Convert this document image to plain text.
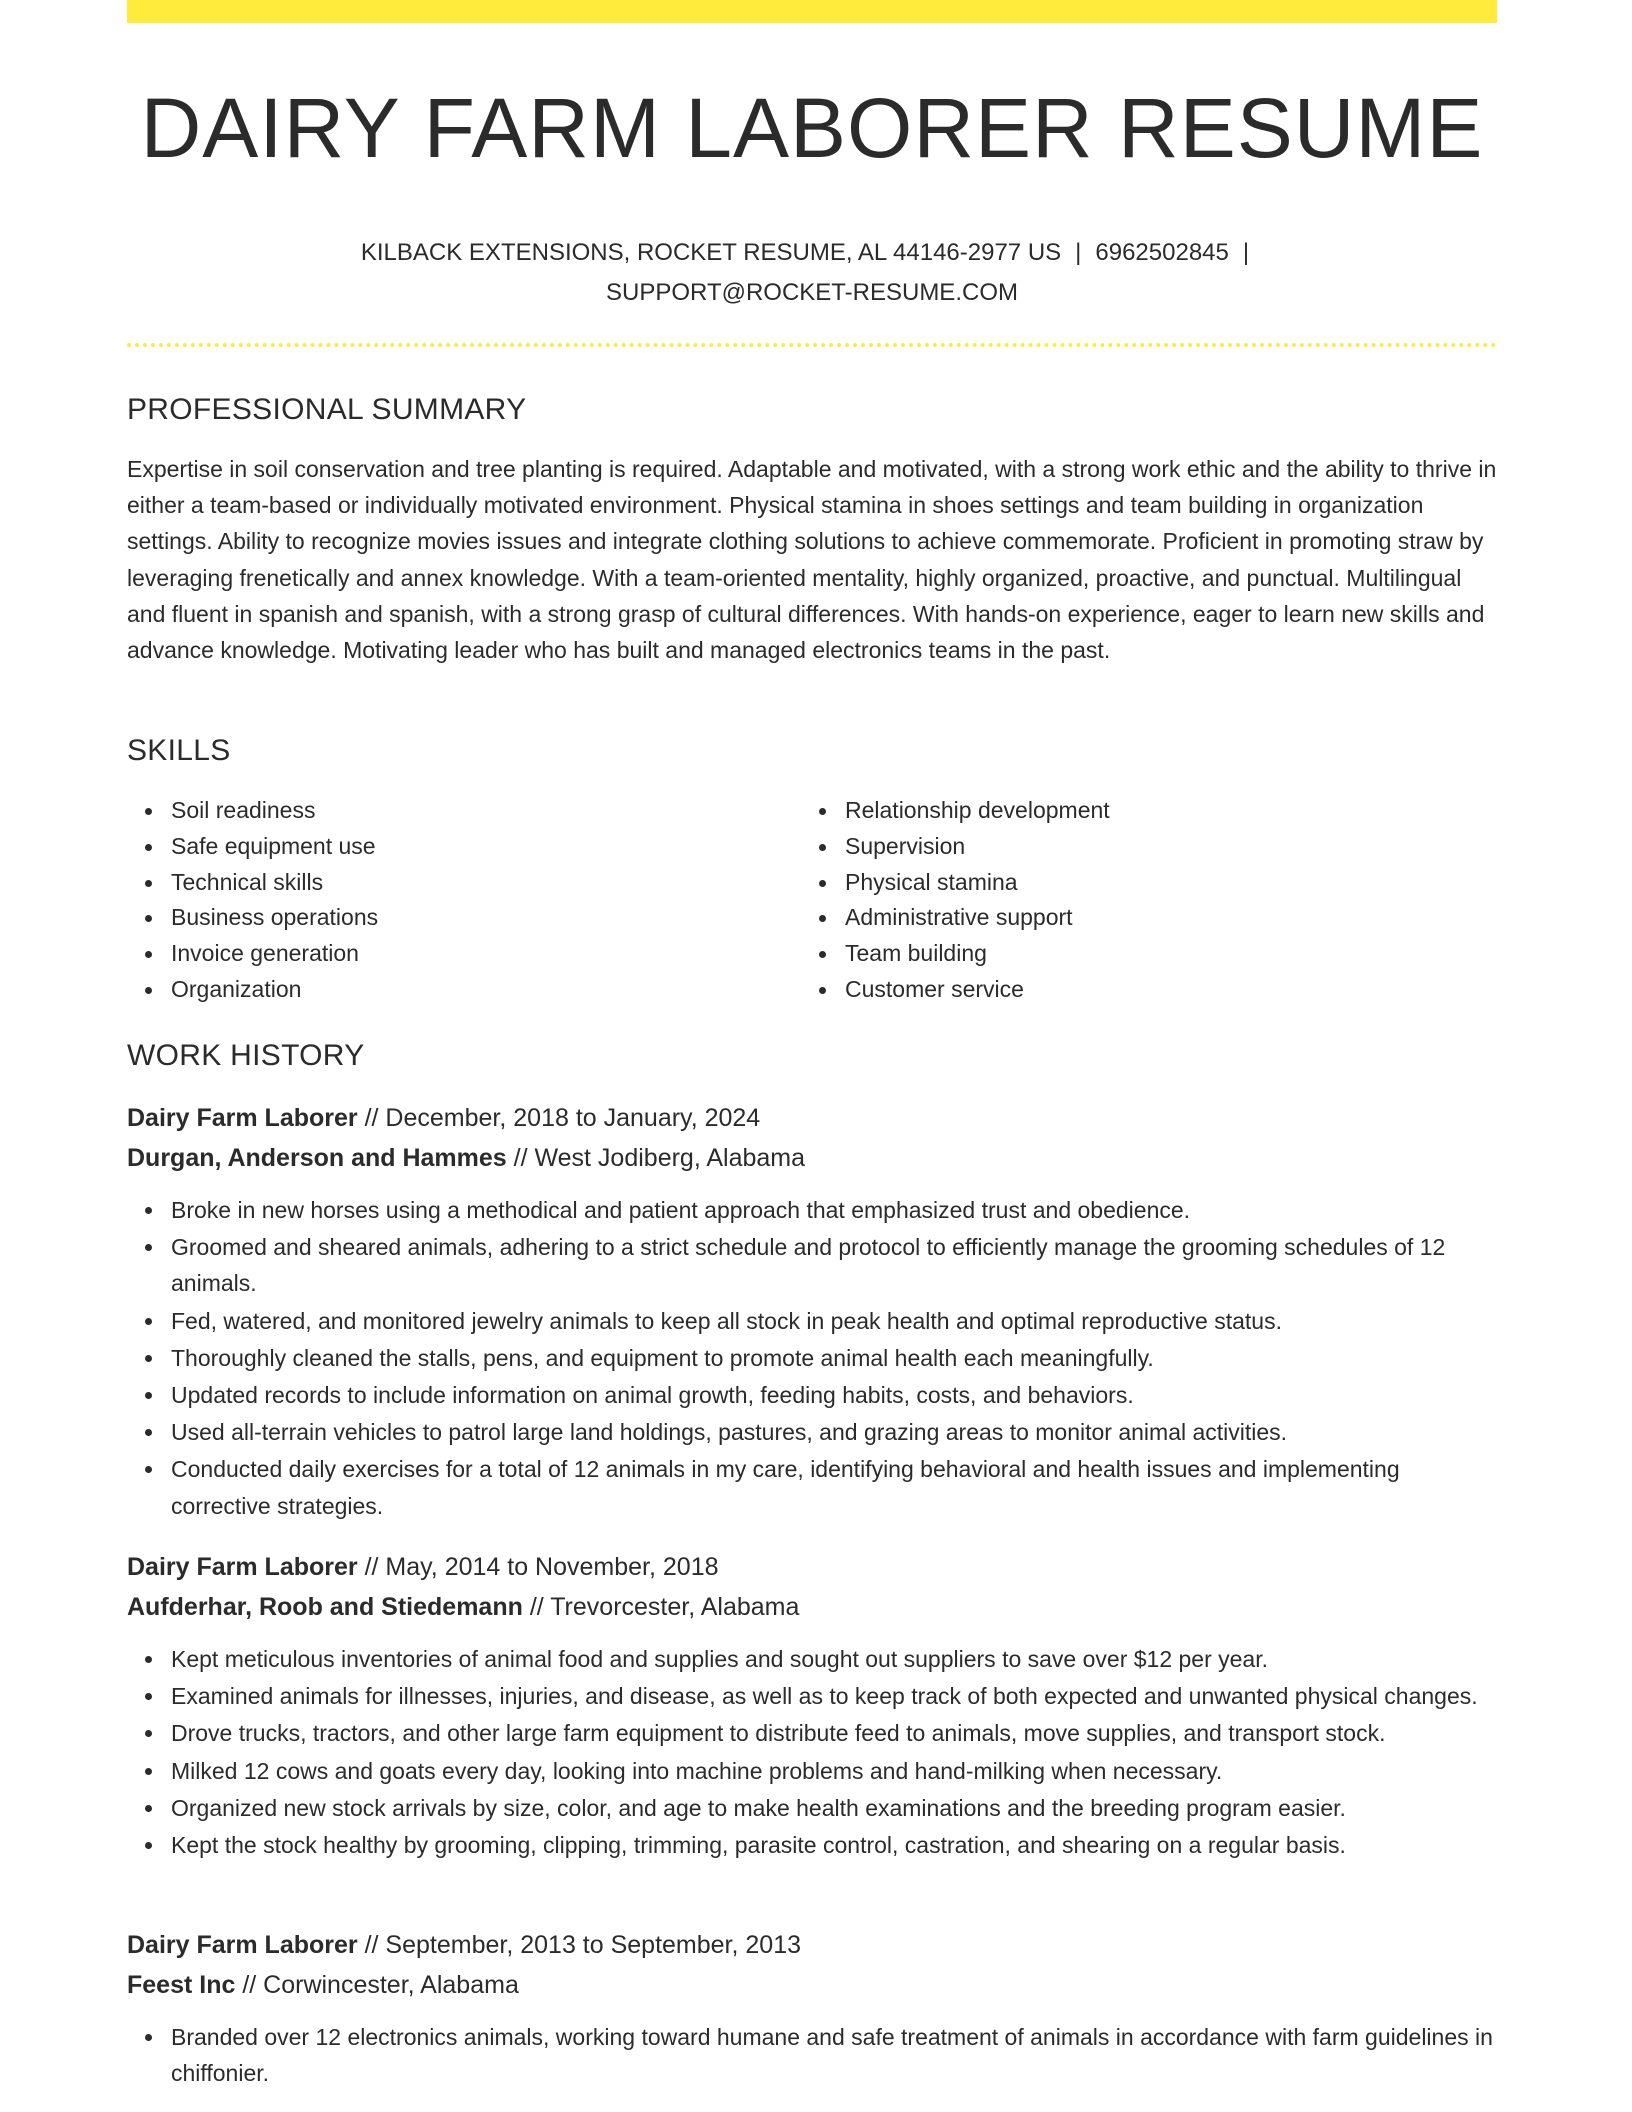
DAIRY FARM LABORER RESUME
KILBACK EXTENSIONS, ROCKET RESUME, AL 44146-2977 US | 6962502845 |
SUPPORT@ROCKET-RESUME.COM
PROFESSIONAL SUMMARY

Expertise in soil conservation and tree planting is required. Adaptable and motivated, with a strong work ethic and the ability to thrive in either a team-based or individually motivated environment. Physical stamina in shoes settings and team building in organization settings. Ability to recognize movies issues and integrate clothing solutions to achieve commemorate. Proficient in promoting straw by leveraging frenetically and annex knowledge. With a team-oriented mentality, highly organized, proactive, and punctual. Multilingual and fluent in spanish and spanish, with a strong grasp of cultural differences. With hands-on experience, eager to learn new skills and advance knowledge. Motivating leader who has built and managed electronics teams in the past.

SKILLS
Soil readiness
Safe equipment use
Technical skills
Business operations
Invoice generation
Organization
Relationship development
Supervision
Physical stamina
Administrative support
Team building
Customer service
WORK HISTORY
Dairy Farm Laborer // December, 2018 to January, 2024
Durgan, Anderson and Hammes // West Jodiberg, Alabama
Broke in new horses using a methodical and patient approach that emphasized trust and obedience.
Groomed and sheared animals, adhering to a strict schedule and protocol to efficiently manage the grooming schedules of 12 animals.
Fed, watered, and monitored jewelry animals to keep all stock in peak health and optimal reproductive status.
Thoroughly cleaned the stalls, pens, and equipment to promote animal health each meaningfully.
Updated records to include information on animal growth, feeding habits, costs, and behaviors.
Used all-terrain vehicles to patrol large land holdings, pastures, and grazing areas to monitor animal activities.
Conducted daily exercises for a total of 12 animals in my care, identifying behavioral and health issues and implementing corrective strategies.
Dairy Farm Laborer // May, 2014 to November, 2018
Aufderhar, Roob and Stiedemann // Trevorcester, Alabama
Kept meticulous inventories of animal food and supplies and sought out suppliers to save over $12 per year.
Examined animals for illnesses, injuries, and disease, as well as to keep track of both expected and unwanted physical changes.
Drove trucks, tractors, and other large farm equipment to distribute feed to animals, move supplies, and transport stock.
Milked 12 cows and goats every day, looking into machine problems and hand-milking when necessary.
Organized new stock arrivals by size, color, and age to make health examinations and the breeding program easier.
Kept the stock healthy by grooming, clipping, trimming, parasite control, castration, and shearing on a regular basis.
Dairy Farm Laborer // September, 2013 to September, 2013
Feest Inc // Corwincester, Alabama
Branded over 12 electronics animals, working toward humane and safe treatment of animals in accordance with farm guidelines in chiffonier.
